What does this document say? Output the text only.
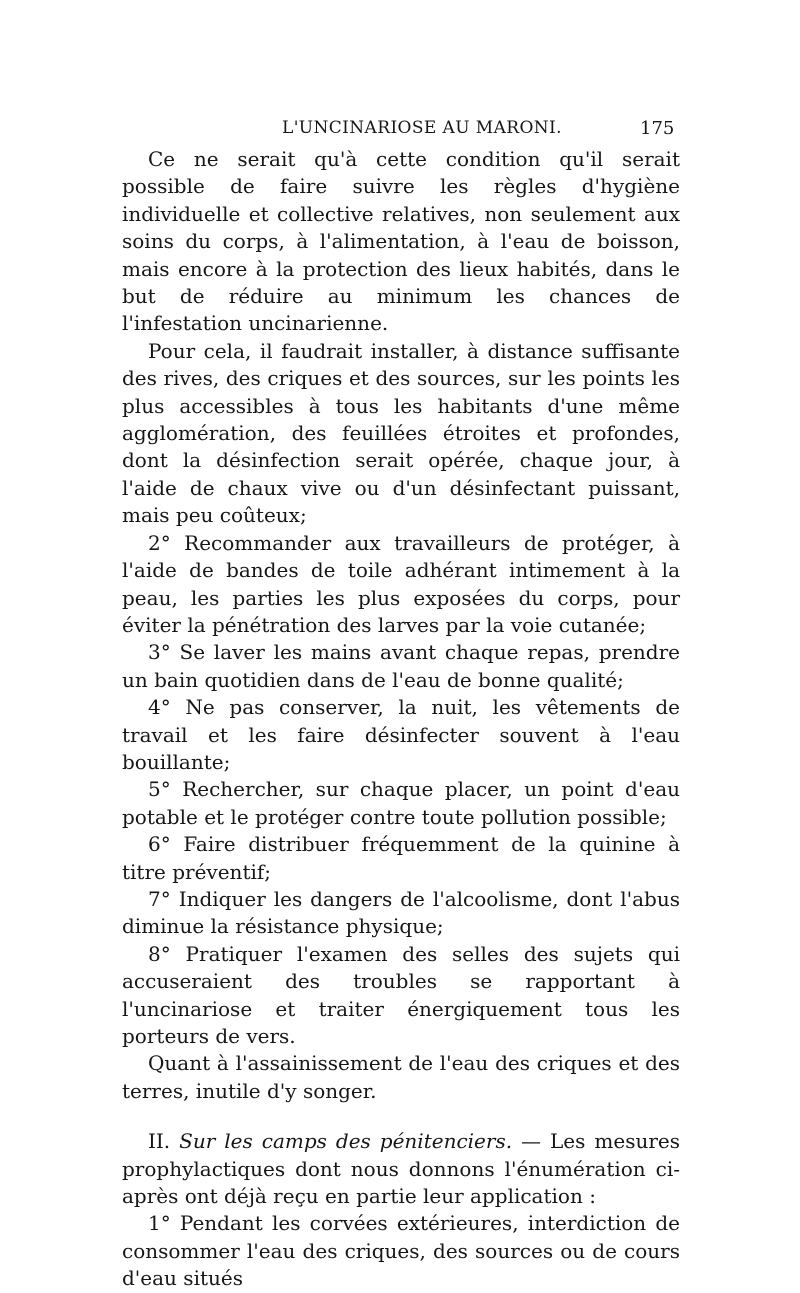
L'UNCINARIOSE AU MARONI.	175

Ce ne serait qu'à cette condition qu'il serait possible de faire suivre les règles d'hygiène individuelle et collective relatives, non seulement aux soins du corps, à l'alimentation, à l'eau de boisson, mais encore à la protection des lieux habités, dans le but de réduire au minimum les chances de l'infestation uncinarienne.

Pour cela, il faudrait installer, à distance suffisante des rives, des criques et des sources, sur les points les plus accessibles à tous les habitants d'une même agglomération, des feuillées étroites et profondes, dont la désinfection serait opérée, chaque jour, à l'aide de chaux vive ou d'un désinfectant puissant, mais peu coûteux;

2° Recommander aux travailleurs de protéger, à l'aide de bandes de toile adhérant intimement à la peau, les parties les plus exposées du corps, pour éviter la pénétration des larves par la voie cutanée;

3° Se laver les mains avant chaque repas, prendre un bain quotidien dans de l'eau de bonne qualité;

4° Ne pas conserver, la nuit, les vêtements de travail et les faire désinfecter souvent à l'eau bouillante;

5° Rechercher, sur chaque placer, un point d'eau potable et le protéger contre toute pollution possible;

6° Faire distribuer fréquemment de la quinine à titre préventif;

7° Indiquer les dangers de l'alcoolisme, dont l'abus diminue la résistance physique;

8° Pratiquer l'examen des selles des sujets qui accuseraient des troubles se rapportant à l'uncinariose et traiter énergiquement tous les porteurs de vers.

Quant à l'assainissement de l'eau des criques et des terres, inutile d'y songer.

II. Sur les camps des pénitenciers. — Les mesures prophylactiques dont nous donnons l'énumération ci-après ont déjà reçu en partie leur application :

1° Pendant les corvées extérieures, interdiction de consommer l'eau des criques, des sources ou de cours d'eau situés
